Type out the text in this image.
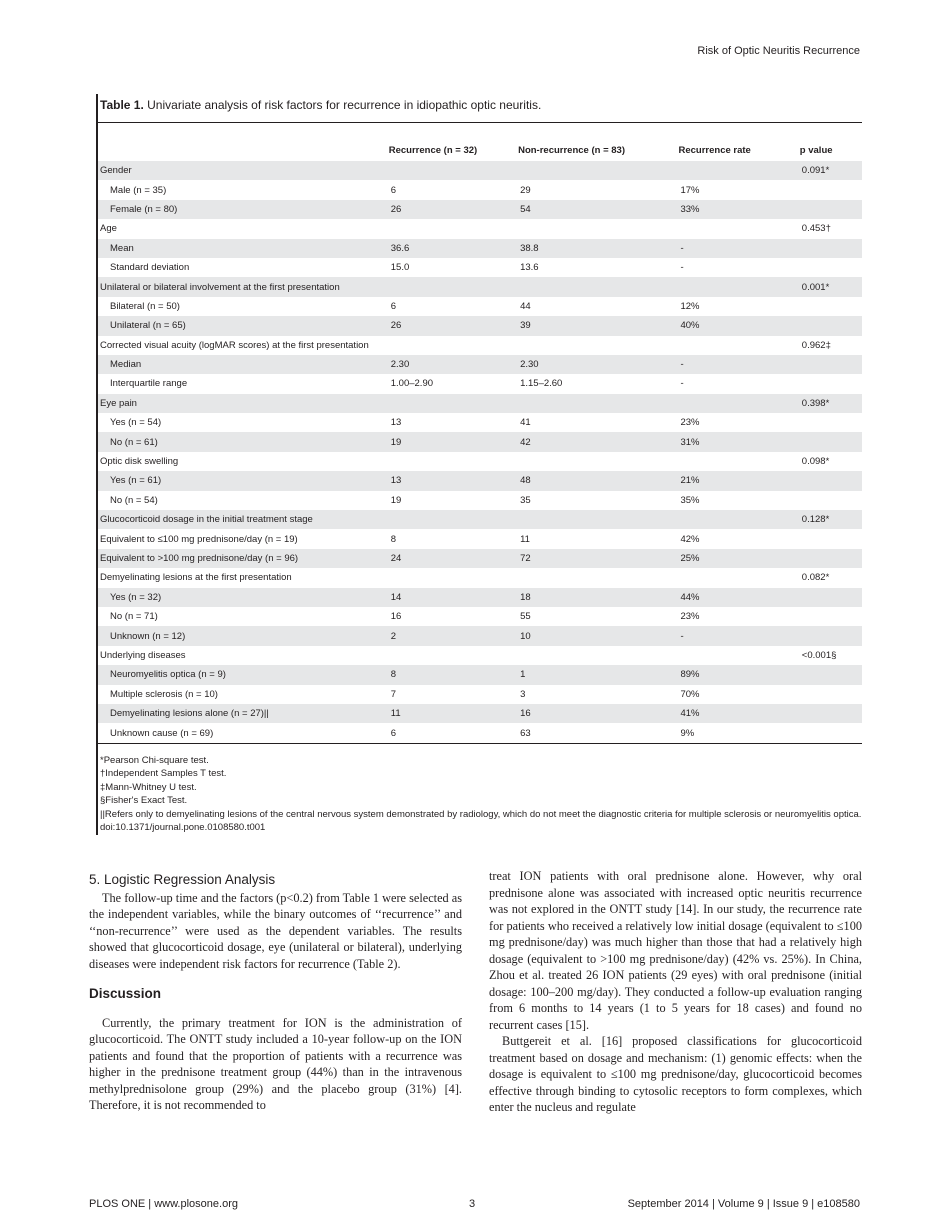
Risk of Optic Neuritis Recurrence
Table 1. Univariate analysis of risk factors for recurrence in idiopathic optic neuritis.
	Recurrence (n = 32)	Non-recurrence (n = 83)	Recurrence rate	p value
Gender				0.091*
Male (n = 35)	6	29	17%	
Female (n = 80)	26	54	33%	
Age				0.453†
Mean	36.6	38.8	-	
Standard deviation	15.0	13.6	-	
Unilateral or bilateral involvement at the first presentation				0.001*
Bilateral (n = 50)	6	44	12%	
Unilateral (n = 65)	26	39	40%	
Corrected visual acuity (logMAR scores) at the first presentation				0.962‡
Median	2.30	2.30	-	
Interquartile range	1.00–2.90	1.15–2.60	-	
Eye pain				0.398*
Yes (n = 54)	13	41	23%	
No (n = 61)	19	42	31%	
Optic disk swelling				0.098*
Yes (n = 61)	13	48	21%	
No (n = 54)	19	35	35%	
Glucocorticoid dosage in the initial treatment stage				0.128*
Equivalent to ≤100 mg prednisone/day (n = 19)	8	11	42%	
Equivalent to >100 mg prednisone/day (n = 96)	24	72	25%	
Demyelinating lesions at the first presentation				0.082*
Yes (n = 32)	14	18	44%	
No (n = 71)	16	55	23%	
Unknown (n = 12)	2	10	-	
Underlying diseases				<0.001§
Neuromyelitis optica (n = 9)	8	1	89%	
Multiple sclerosis (n = 10)	7	3	70%	
Demyelinating lesions alone (n = 27)||	11	16	41%	
Unknown cause (n = 69)	6	63	9%	
*Pearson Chi-square test.
†Independent Samples T test.
‡Mann-Whitney U test.
§Fisher's Exact Test.
||Refers only to demyelinating lesions of the central nervous system demonstrated by radiology, which do not meet the diagnostic criteria for multiple sclerosis or neuromyelitis optica.
doi:10.1371/journal.pone.0108580.t001
5. Logistic Regression Analysis

The follow-up time and the factors (p<0.2) from Table 1 were selected as the independent variables, while the binary outcomes of ‘‘recurrence’’ and ‘‘non-recurrence’’ were used as the dependent variables. The results showed that glucocorticoid dosage, eye (unilateral or bilateral), underlying diseases were independent risk factors for recurrence (Table 2).

Discussion

Currently, the primary treatment for ION is the administration of glucocorticoid. The ONTT study included a 10-year follow-up on the ION patients and found that the proportion of patients with a recurrence was higher in the prednisone treatment group (44%) than in the intravenous methylprednisolone group (29%) and the placebo group (31%) [4]. Therefore, it is not recommended to

treat ION patients with oral prednisone alone. However, why oral prednisone alone was associated with increased optic neuritis recurrence was not explored in the ONTT study [14]. In our study, the recurrence rate for patients who received a relatively low initial dosage (equivalent to ≤100 mg prednisone/day) was much higher than those that had a relatively high dosage (equivalent to >100 mg prednisone/day) (42% vs. 25%). In China, Zhou et al. treated 26 ION patients (29 eyes) with oral prednisone (initial dosage: 100–200 mg/day). They conducted a follow-up evaluation ranging from 6 months to 14 years (1 to 5 years for 18 cases) and found no recurrent cases [15].

Buttgereit et al. [16] proposed classifications for glucocorticoid treatment based on dosage and mechanism: (1) genomic effects: when the dosage is equivalent to ≤100 mg prednisone/day, glucocorticoid becomes effective through binding to cytosolic receptors to form complexes, which enter the nucleus and regulate

PLOS ONE | www.plosone.org	3	September 2014 | Volume 9 | Issue 9 | e108580
